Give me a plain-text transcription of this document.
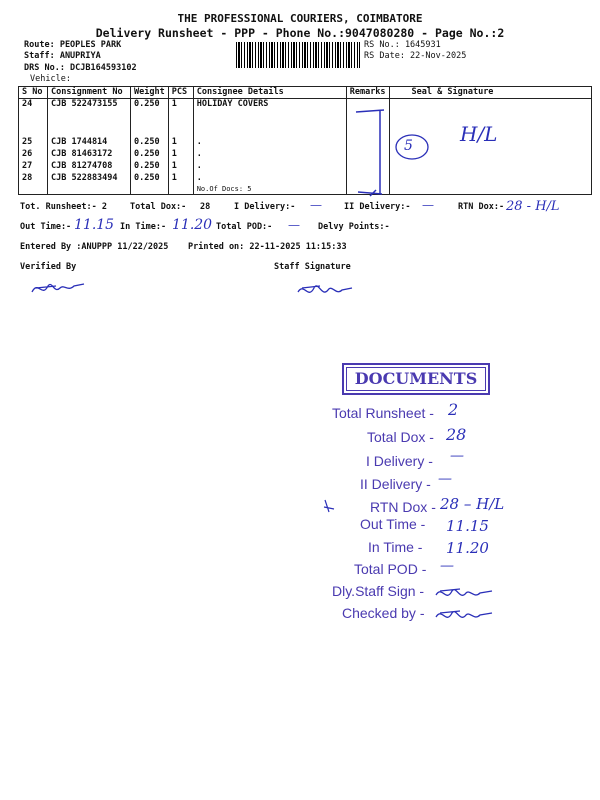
THE PROFESSIONAL COURIERS, COIMBATORE
Delivery Runsheet - PPP - Phone No.:9047080280 - Page No.:2
Route: PEOPLES PARK
Staff: ANUPRIYA
DRS No.: DCJB164593102
Vehicle:
RS No.: 1645931
RS Date: 22-Nov-2025
S No	Consignment No	Weight	PCS	Consignee Details	Remarks	Seal & Signature
24	CJB 522473155	0.250	1	HOLIDAY COVERS		
25	CJB 1744814	0.250	1	.		
26	CJB 81463172	0.250	1	.		
27	CJB 81274708	0.250	1	.		
28	CJB 522883494	0.250	1	.		
				No.Of Docs: 5		
5 H/L
Tot. Runsheet:- 2	Total Dox:- 28	I Delivery:- —	II Delivery:- —	RTN Dox:- 28 - H/L
Out Time:- 11.15 In Time:- 11.20 Total POD:- — Delvy Points:-
Entered By :ANUPPP 11/22/2025 Printed on: 22-11-2025 11:15:33
Verified By	Staff Signature
DOCUMENTS
Total Runsheet - 2
Total Dox - 28
I Delivery - —
II Delivery - —
RTN Dox - 28 – H/L
Out Time - 11.15
In Time - 11.20
Total POD - —
Dly.Staff Sign -
Checked by -
